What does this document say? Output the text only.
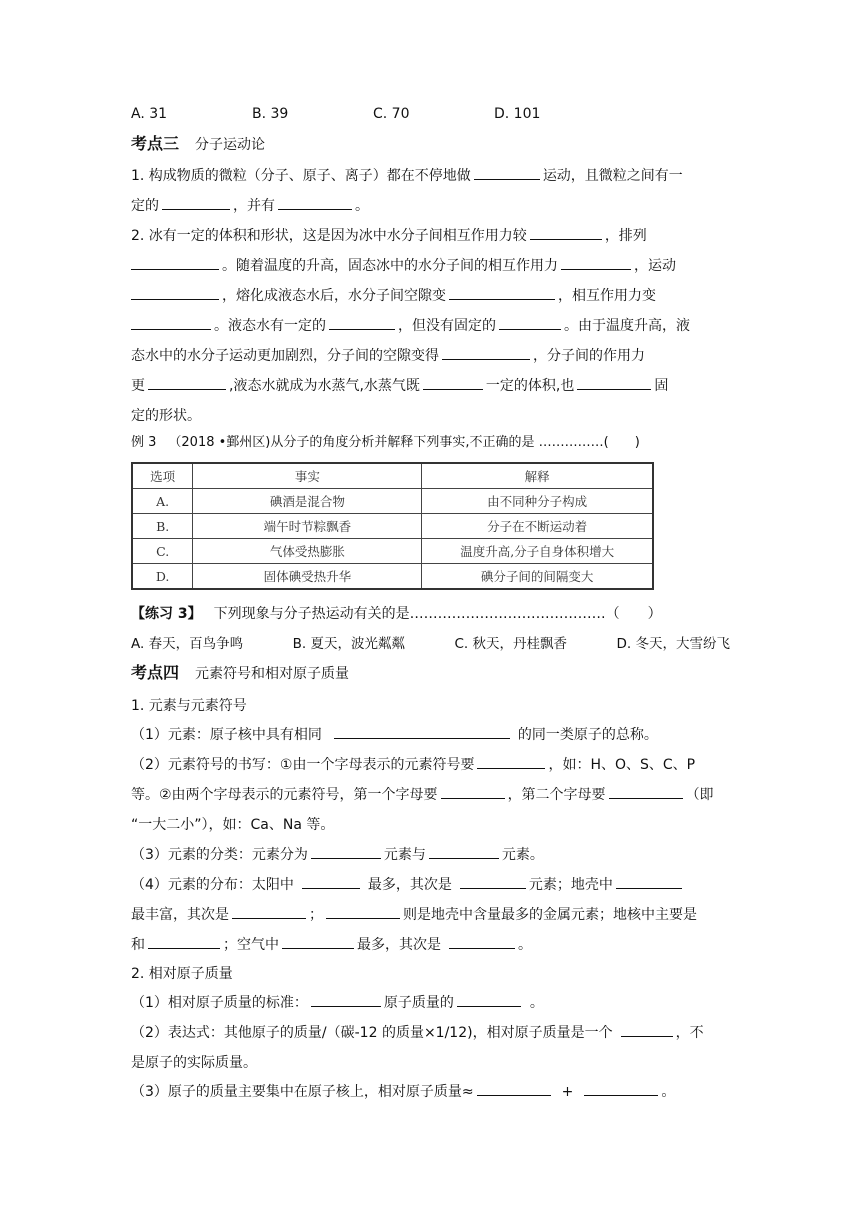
A. 31	B. 39	C. 70	D. 101
考点三 分子运动论
1. 构成物质的微粒（分子、原子、离子）都在不停地做	运动，且微粒之间有一
定的	，并有	。
2. 冰有一定的体积和形状，这是因为冰中水分子间相互作用力较	，排列
。随着温度的升高，固态冰中的水分子间的相互作用力	，运动
，熔化成液态水后，水分子间空隙变	，相互作用力变
。液态水有一定的	，但没有固定的	。由于温度升高，液
态水中的水分子运动更加剧烈，分子间的空隙变得	，分子间的作用力
更	,液态水就成为水蒸气,水蒸气既	一定的体积,也	固
定的形状。
例 3 （2018 •鄞州区)从分子的角度分析并解释下列事实,不正确的是 ……………(　　)
选项	事实	解释
A.	碘酒是混合物	由不同种分子构成
B.	端午时节粽飘香	分子在不断运动着
C.	气体受热膨胀	温度升高,分子自身体积增大
D.	固体碘受热升华	碘分子间的间隔变大
【练习 3】 下列现象与分子热运动有关的是……………………………………（　　）
A. 春天，百鸟争鸣	B. 夏天，波光粼粼	C. 秋天，丹桂飘香	D. 冬天，大雪纷飞
考点四 元素符号和相对原子质量
1. 元素与元素符号
（1）元素：原子核中具有相同	的同一类原子的总称。
（2）元素符号的书写：①由一个字母表示的元素符号要	，如：H、O、S、C、P
等。②由两个字母表示的元素符号，第一个字母要	，第二个字母要	（即
“一大二小”），如：Ca、Na 等。
（3）元素的分类：元素分为	元素与	元素。
（4）元素的分布：太阳中	最多，其次是	元素；地壳中
最丰富，其次是	；	则是地壳中含量最多的金属元素；地核中主要是
和	；空气中	最多，其次是	。
2. 相对原子质量
（1）相对原子质量的标准：	原子质量的	。
（2）表达式：其他原子的质量/（碳-12 的质量×1/12)，相对原子质量是一个	，不
是原子的实际质量。
（3）原子的质量主要集中在原子核上，相对原子质量≈	+	。
